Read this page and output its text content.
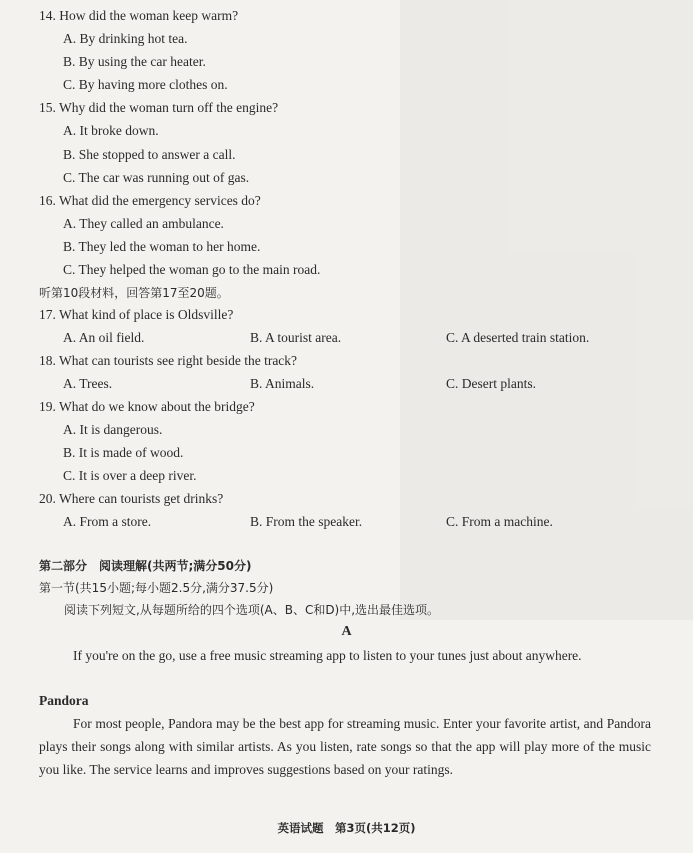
14. How did the woman keep warm?
A. By drinking hot tea.
B. By using the car heater.
C. By having more clothes on.
15. Why did the woman turn off the engine?
A. It broke down.
B. She stopped to answer a call.
C. The car was running out of gas.
16. What did the emergency services do?
A. They called an ambulance.
B. They led the woman to her home.
C. They helped the woman go to the main road.
听第10段材料，回答第17至20题。
17. What kind of place is Oldsville?
A. An oil field.	B. A tourist area.	C. A deserted train station.
18. What can tourists see right beside the track?
A. Trees.	B. Animals.	C. Desert plants.
19. What do we know about the bridge?
A. It is dangerous.
B. It is made of wood.
C. It is over a deep river.
20. Where can tourists get drinks?
A. From a store.	B. From the speaker.	C. From a machine.
第二部分　阅读理解(共两节;满分50分)
第一节(共15小题;每小题2.5分,满分37.5分)
阅读下列短文,从每题所给的四个选项(A、B、C和D)中,选出最佳选项。
A
If you're on the go, use a free music streaming app to listen to your tunes just about anywhere.
Pandora
For most people, Pandora may be the best app for streaming music. Enter your favorite artist, and Pandora plays their songs along with similar artists. As you listen, rate songs so that the app will play more of the music you like. The service learns and improves suggestions based on your ratings.
英语试题　第3页(共12页)
